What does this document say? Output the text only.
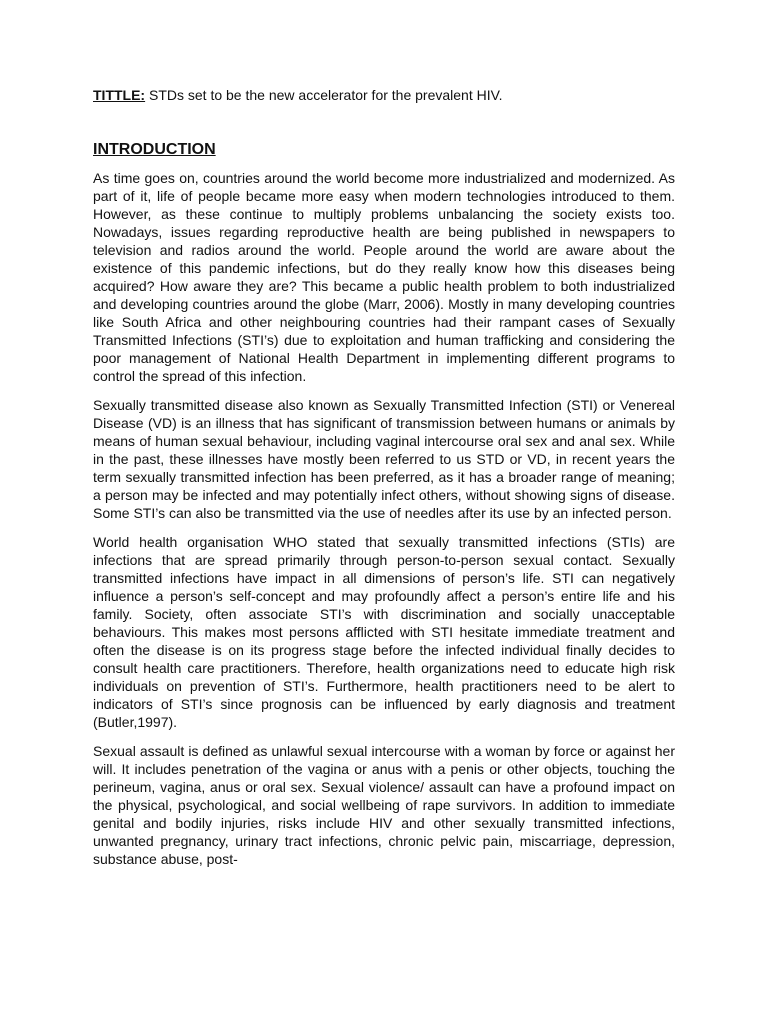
TITTLE: STDs set to be the new accelerator for the prevalent HIV.

INTRODUCTION

As time goes on, countries around the world become more industrialized and modernized. As part of it, life of people became more easy when modern technologies introduced to them. However, as these continue to multiply problems unbalancing the society exists too. Nowadays, issues regarding reproductive health are being published in newspapers to television and radios around the world. People around the world are aware about the existence of this pandemic infections, but do they really know how this diseases being acquired? How aware they are? This became a public health problem to both industrialized and developing countries around the globe (Marr, 2006). Mostly in many developing countries like South Africa and other neighbouring countries had their rampant cases of Sexually Transmitted Infections (STI’s) due to exploitation and human trafficking and considering the poor management of National Health Department in implementing different programs to control the spread of this infection.

Sexually transmitted disease also known as Sexually Transmitted Infection (STI) or Venereal Disease (VD) is an illness that has significant of transmission between humans or animals by means of human sexual behaviour, including vaginal intercourse oral sex and anal sex. While in the past, these illnesses have mostly been referred to us STD or VD, in recent years the term sexually transmitted infection has been preferred, as it has a broader range of meaning; a person may be infected and may potentially infect others, without showing signs of disease. Some STI’s can also be transmitted via the use of needles after its use by an infected person.

World health organisation WHO stated that sexually transmitted infections (STIs) are infections that are spread primarily through person-to-person sexual contact. Sexually transmitted infections have impact in all dimensions of person’s life. STI can negatively influence a person’s self-concept and may profoundly affect a person’s entire life and his family. Society, often associate STI’s with discrimination and socially unacceptable behaviours. This makes most persons afflicted with STI hesitate immediate treatment and often the disease is on its progress stage before the infected individual finally decides to consult health care practitioners. Therefore, health organizations need to educate high risk individuals on prevention of STI’s. Furthermore, health practitioners need to be alert to indicators of STI’s since prognosis can be influenced by early diagnosis and treatment (Butler,1997).

Sexual assault is defined as unlawful sexual intercourse with a woman by force or against her will. It includes penetration of the vagina or anus with a penis or other objects, touching the perineum, vagina, anus or oral sex. Sexual violence/ assault can have a profound impact on the physical, psychological, and social wellbeing of rape survivors. In addition to immediate genital and bodily injuries, risks include HIV and other sexually transmitted infections, unwanted pregnancy, urinary tract infections, chronic pelvic pain, miscarriage, depression, substance abuse, post-
